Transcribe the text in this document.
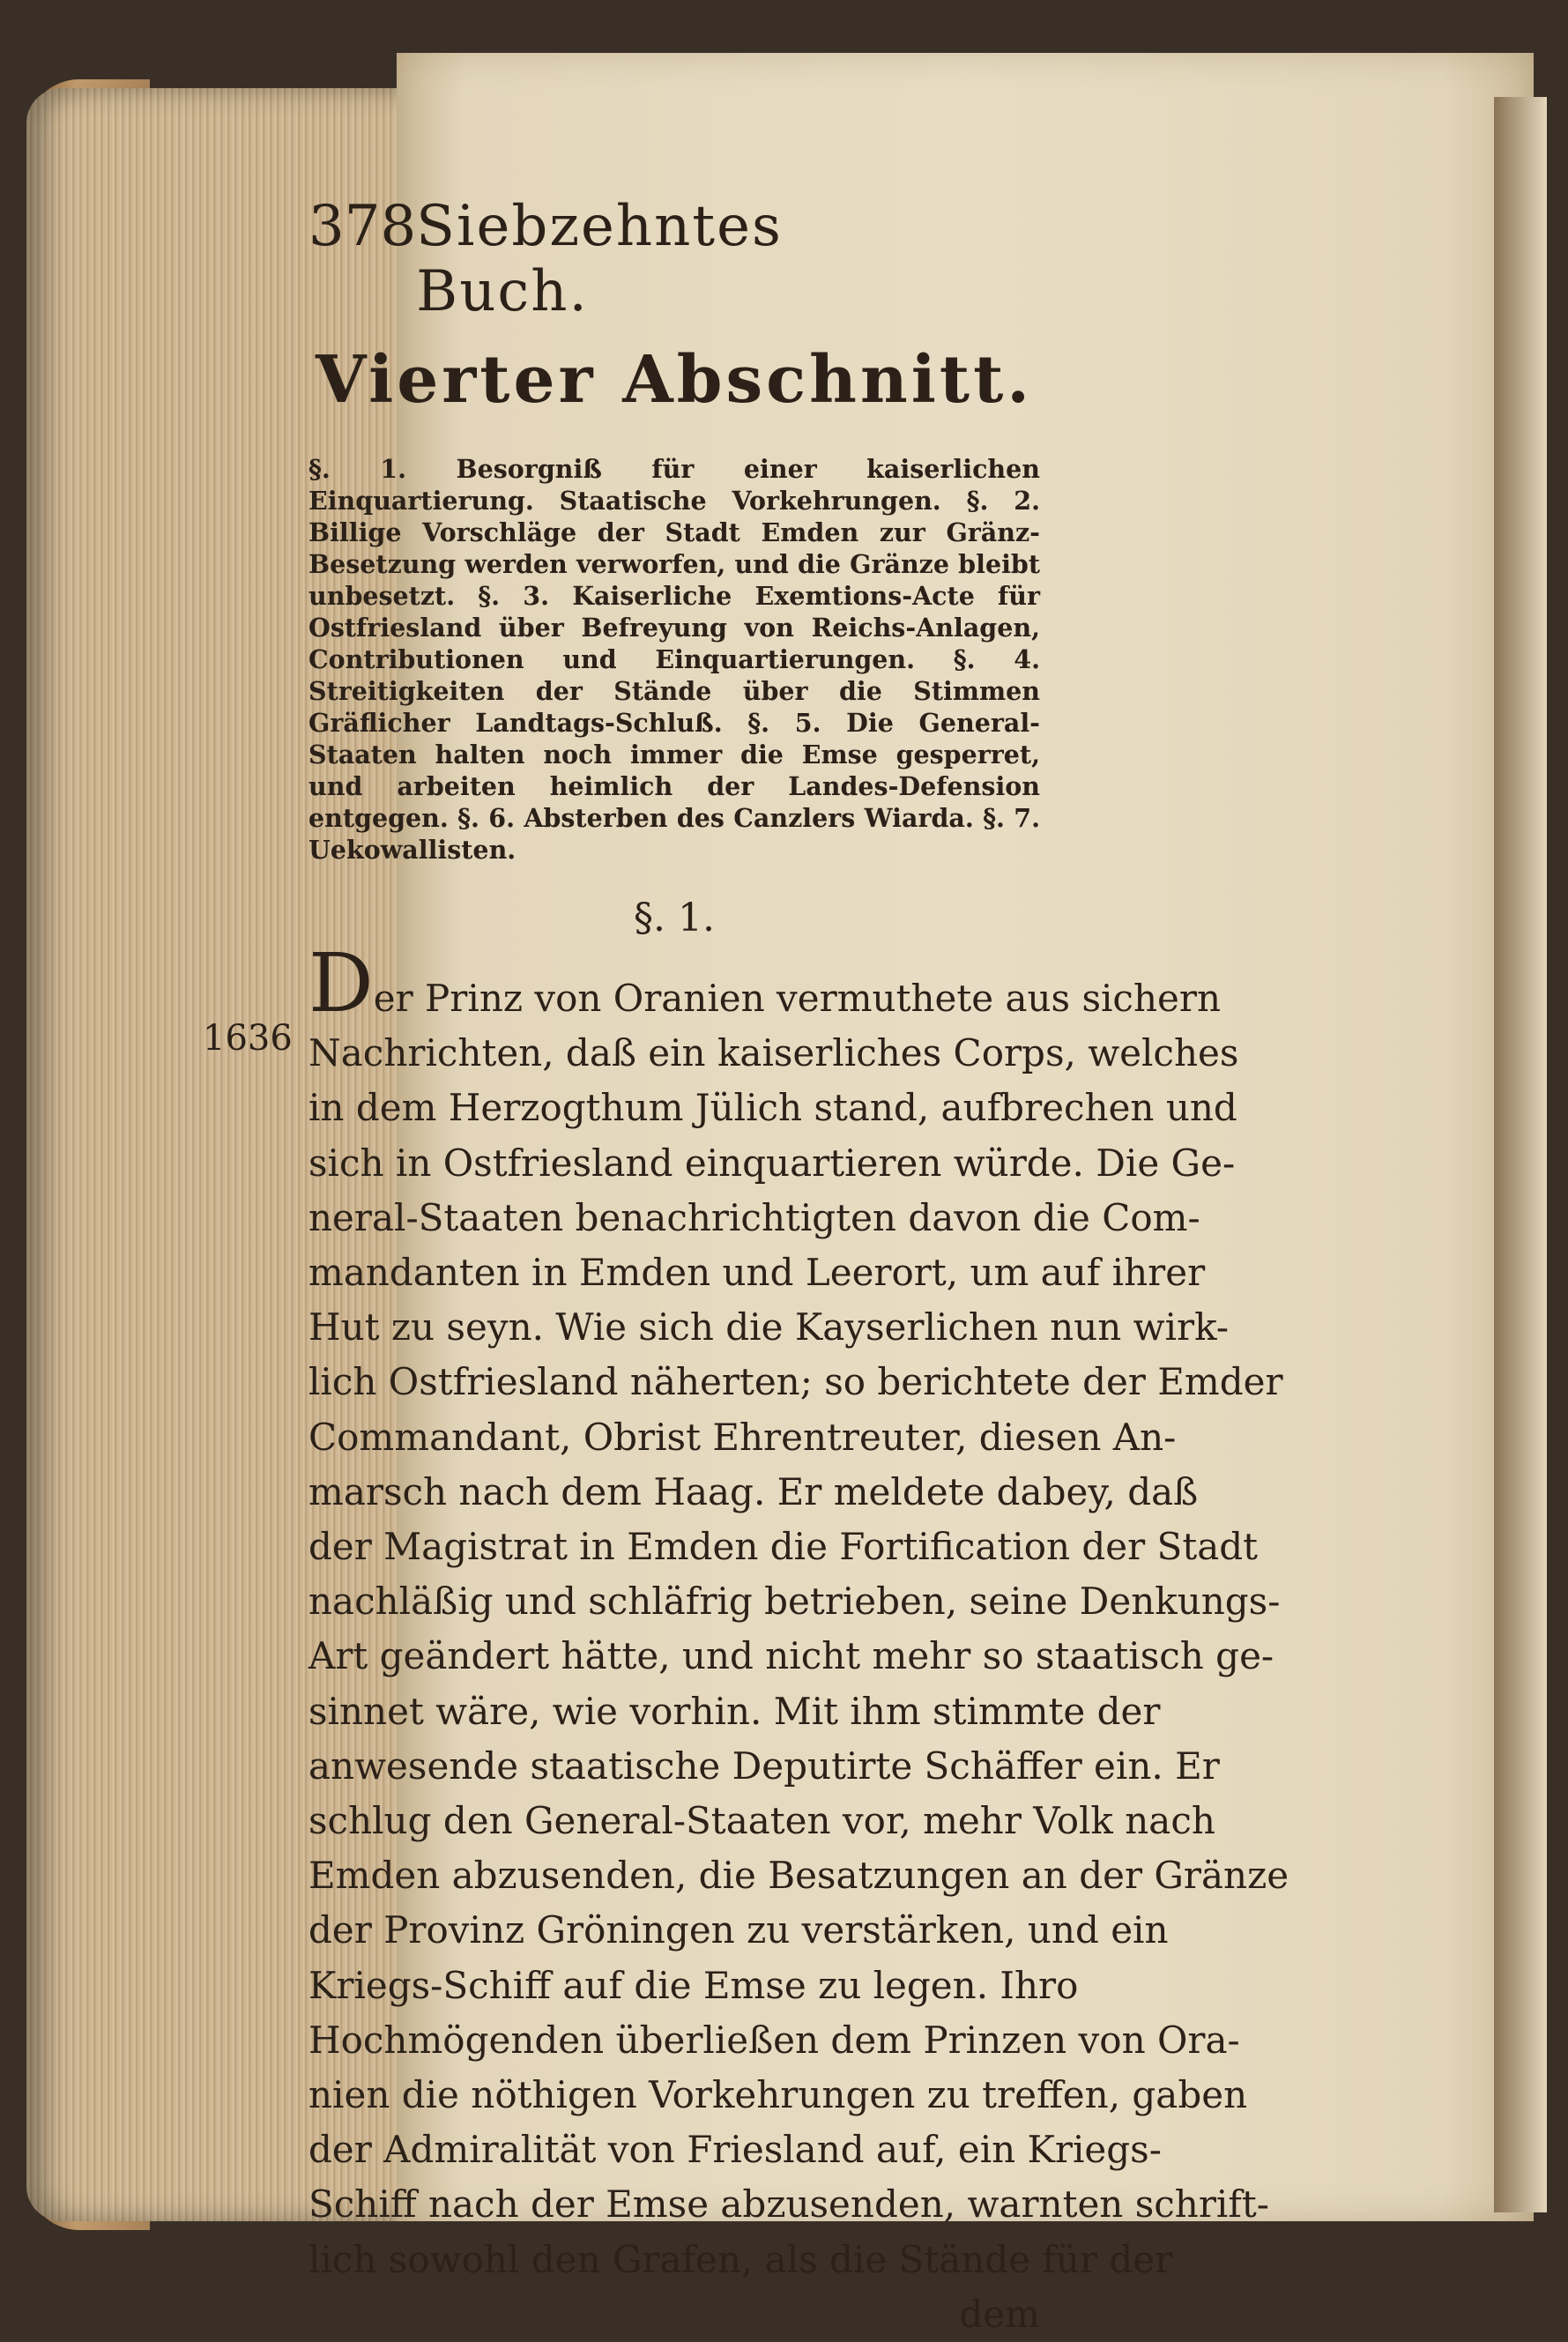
378 Siebzehntes Buch.
Vierter Abschnitt.
§. 1. Besorgniß für einer kaiserlichen Einquartierung. Staatische Vorkehrungen. §. 2. Billige Vorschläge der Stadt Emden zur Gränz-Besetzung werden verworfen, und die Gränze bleibt unbesetzt. §. 3. Kaiserliche Exemtions-Acte für Ostfriesland über Befreyung von Reichs-Anlagen, Contributionen und Einquartierungen. §. 4. Streitigkeiten der Stände über die Stimmen Gräflicher Landtags-Schluß. §. 5. Die General-Staaten halten noch immer die Emse gesperret, und arbeiten heimlich der Landes-Defension entgegen. §. 6. Absterben des Canzlers Wiarda. §. 7. Uekowallisten.
§. 1.
1636
Der Prinz von Oranien vermuthete aus sichern
Nachrichten, daß ein kaiserliches Corps, welches
in dem Herzogthum Jülich stand, aufbrechen und
sich in Ostfriesland einquartieren würde. Die Ge-
neral-Staaten benachrichtigten davon die Com-
mandanten in Emden und Leerort, um auf ihrer
Hut zu seyn. Wie sich die Kayserlichen nun wirk-
lich Ostfriesland näherten; so berichtete der Emder
Commandant, Obrist Ehrentreuter, diesen An-
marsch nach dem Haag. Er meldete dabey, daß
der Magistrat in Emden die Fortification der Stadt
nachläßig und schläfrig betrieben, seine Denkungs-
Art geändert hätte, und nicht mehr so staatisch ge-
sinnet wäre, wie vorhin. Mit ihm stimmte der
anwesende staatische Deputirte Schäffer ein. Er
schlug den General-Staaten vor, mehr Volk nach
Emden abzusenden, die Besatzungen an der Gränze
der Provinz Gröningen zu verstärken, und ein
Kriegs-Schiff auf die Emse zu legen. Ihro
Hochmögenden überließen dem Prinzen von Ora-
nien die nöthigen Vorkehrungen zu treffen, gaben
der Admiralität von Friesland auf, ein Kriegs-
Schiff nach der Emse abzusenden, warnten schrift-
lich sowohl den Grafen, als die Stände für der
dem
